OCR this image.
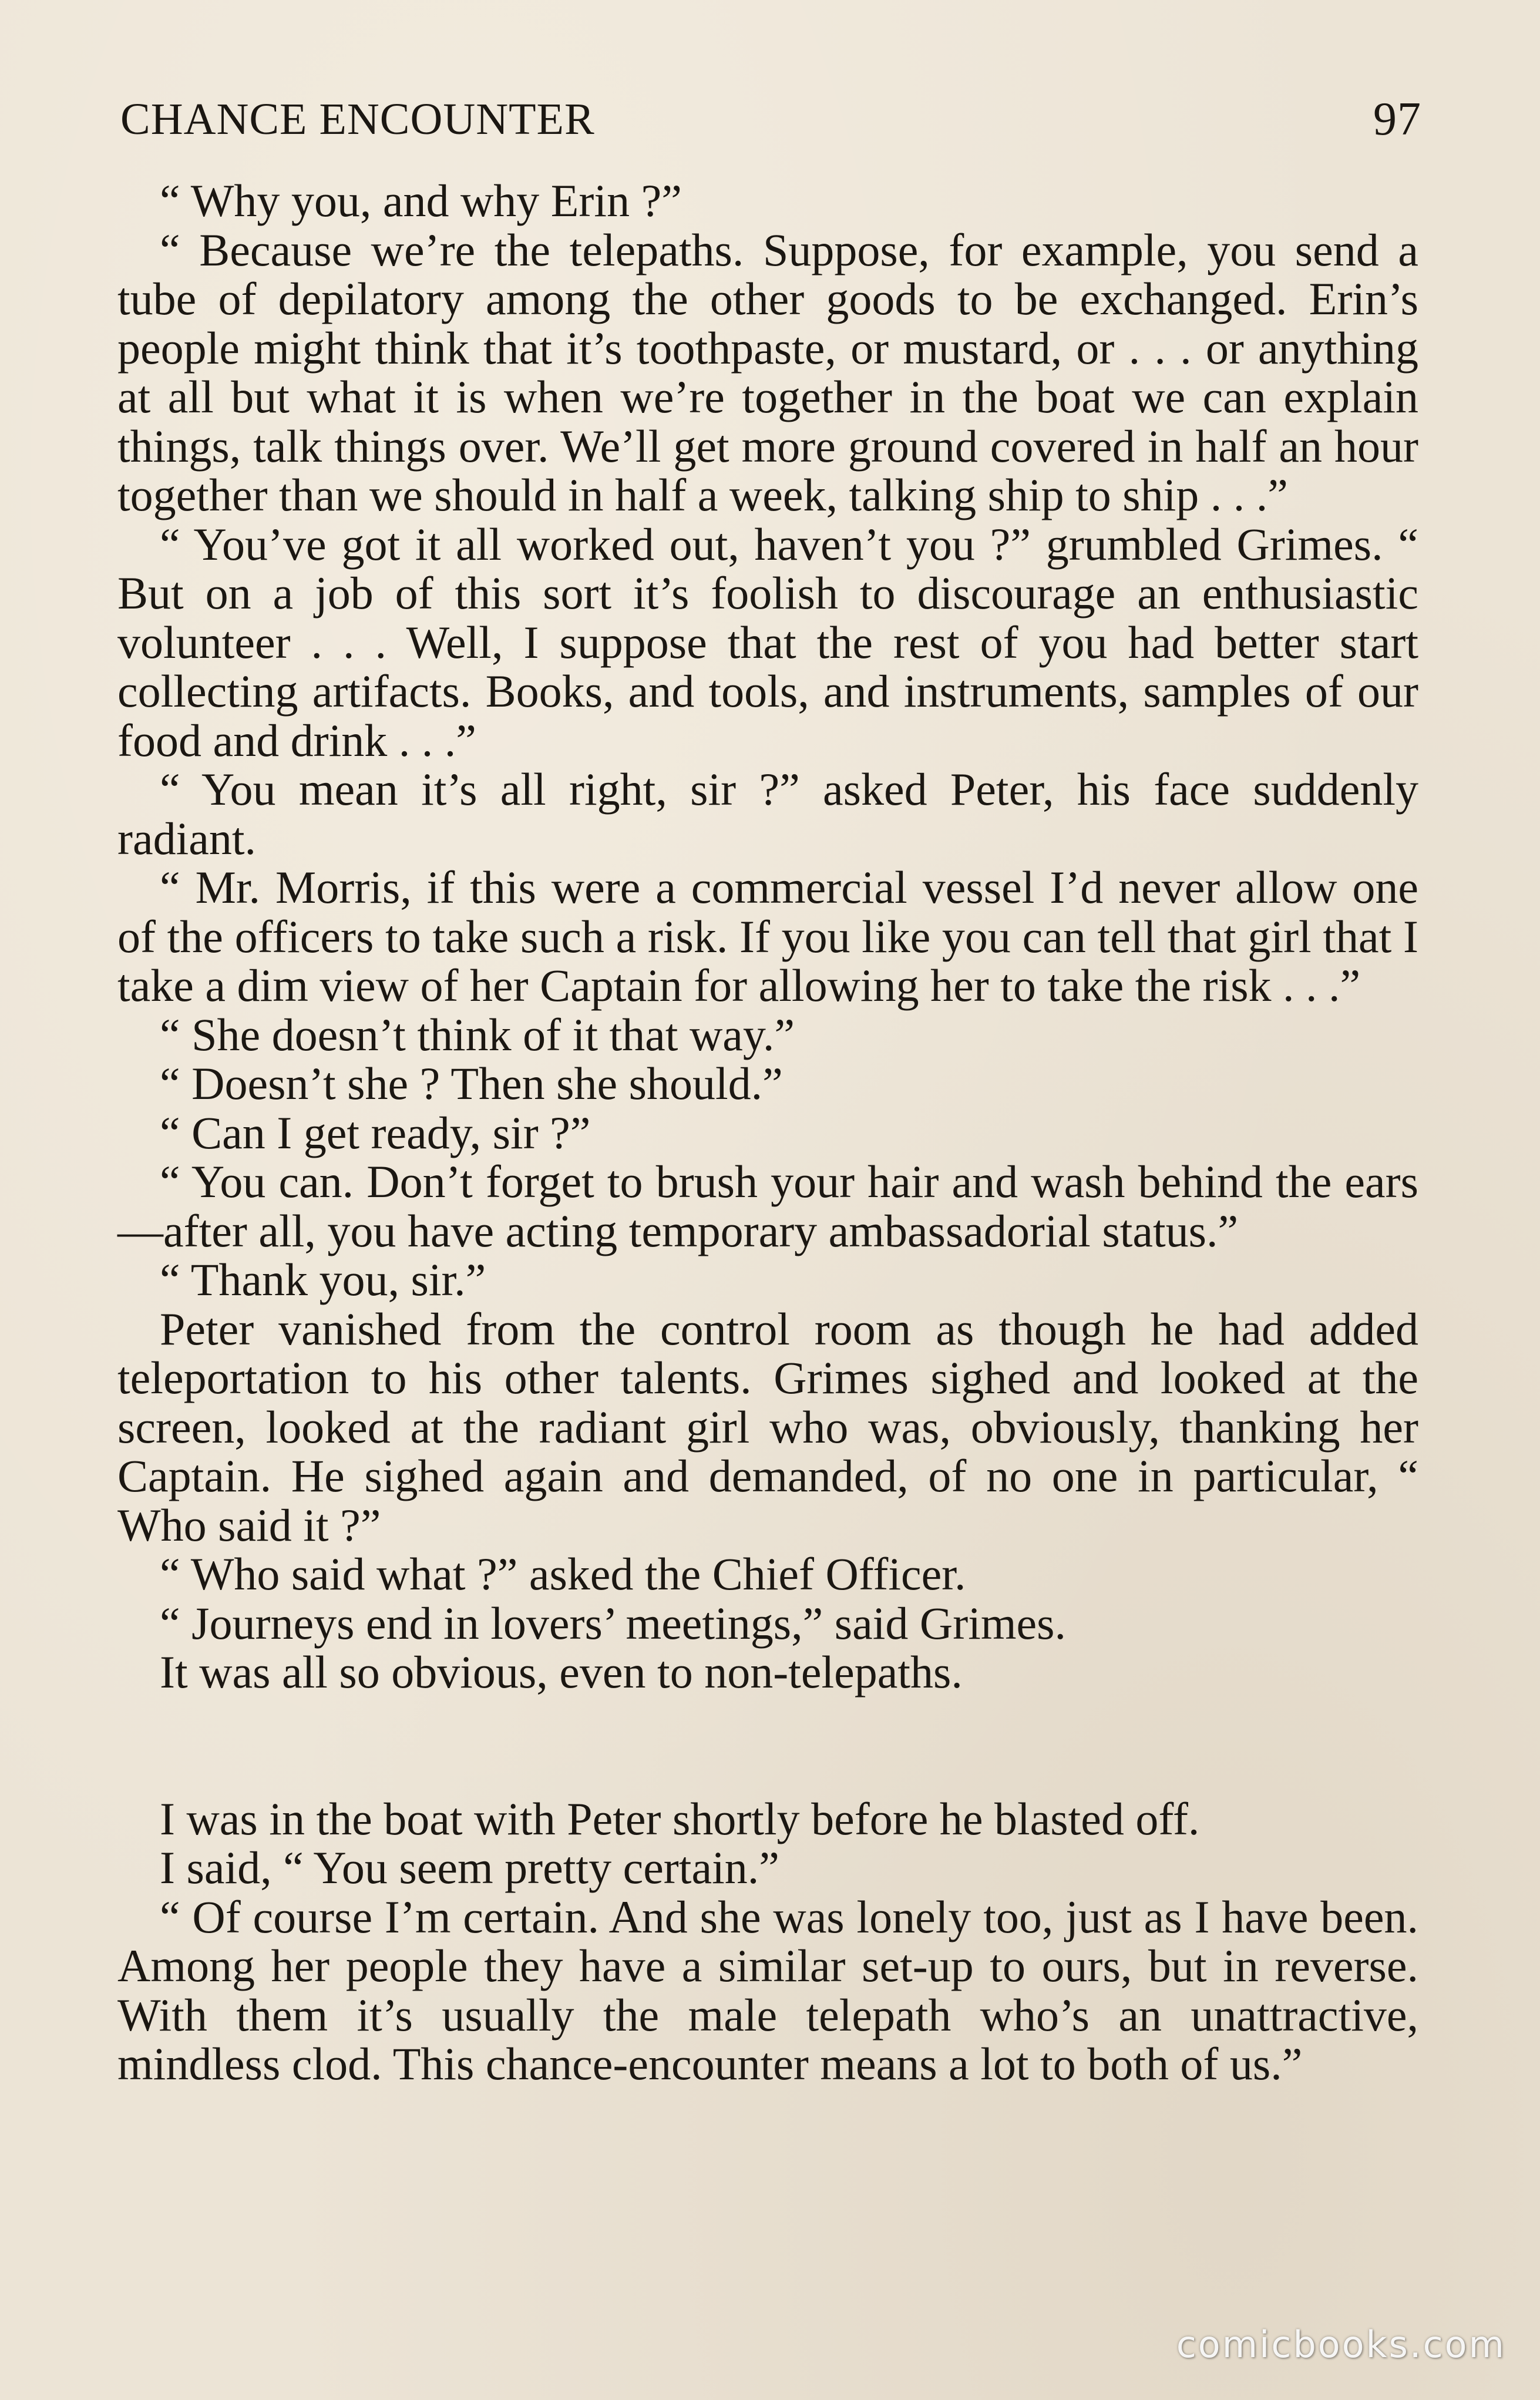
CHANCE ENCOUNTER	97

“ Why you, and why Erin ?”

“ Because we’re the telepaths. Suppose, for example, you send a tube of depilatory among the other goods to be exchanged. Erin’s people might think that it’s toothpaste, or mustard, or . . . or anything at all but what it is when we’re together in the boat we can explain things, talk things over. We’ll get more ground covered in half an hour together than we should in half a week, talking ship to ship . . .”

“ You’ve got it all worked out, haven’t you ?” grumbled Grimes. “ But on a job of this sort it’s foolish to discourage an enthusiastic volunteer . . . Well, I suppose that the rest of you had better start collecting artifacts. Books, and tools, and instruments, samples of our food and drink . . .”

“ You mean it’s all right, sir ?” asked Peter, his face suddenly radiant.

“ Mr. Morris, if this were a commercial vessel I’d never allow one of the officers to take such a risk. If you like you can tell that girl that I take a dim view of her Captain for allowing her to take the risk . . .”

“ She doesn’t think of it that way.”

“ Doesn’t she ? Then she should.”

“ Can I get ready, sir ?”

“ You can. Don’t forget to brush your hair and wash behind the ears—after all, you have acting temporary ambassadorial status.”

“ Thank you, sir.”

Peter vanished from the control room as though he had added teleportation to his other talents. Grimes sighed and looked at the screen, looked at the radiant girl who was, obviously, thanking her Captain. He sighed again and demanded, of no one in particular, “ Who said it ?”

“ Who said what ?” asked the Chief Officer.

“ Journeys end in lovers’ meetings,” said Grimes.

It was all so obvious, even to non-telepaths.

I was in the boat with Peter shortly before he blasted off.

I said, “ You seem pretty certain.”

“ Of course I’m certain. And she was lonely too, just as I have been. Among her people they have a similar set-up to ours, but in reverse. With them it’s usually the male telepath who’s an unattractive, mindless clod. This chance-encounter means a lot to both of us.”

comicbooks.com
